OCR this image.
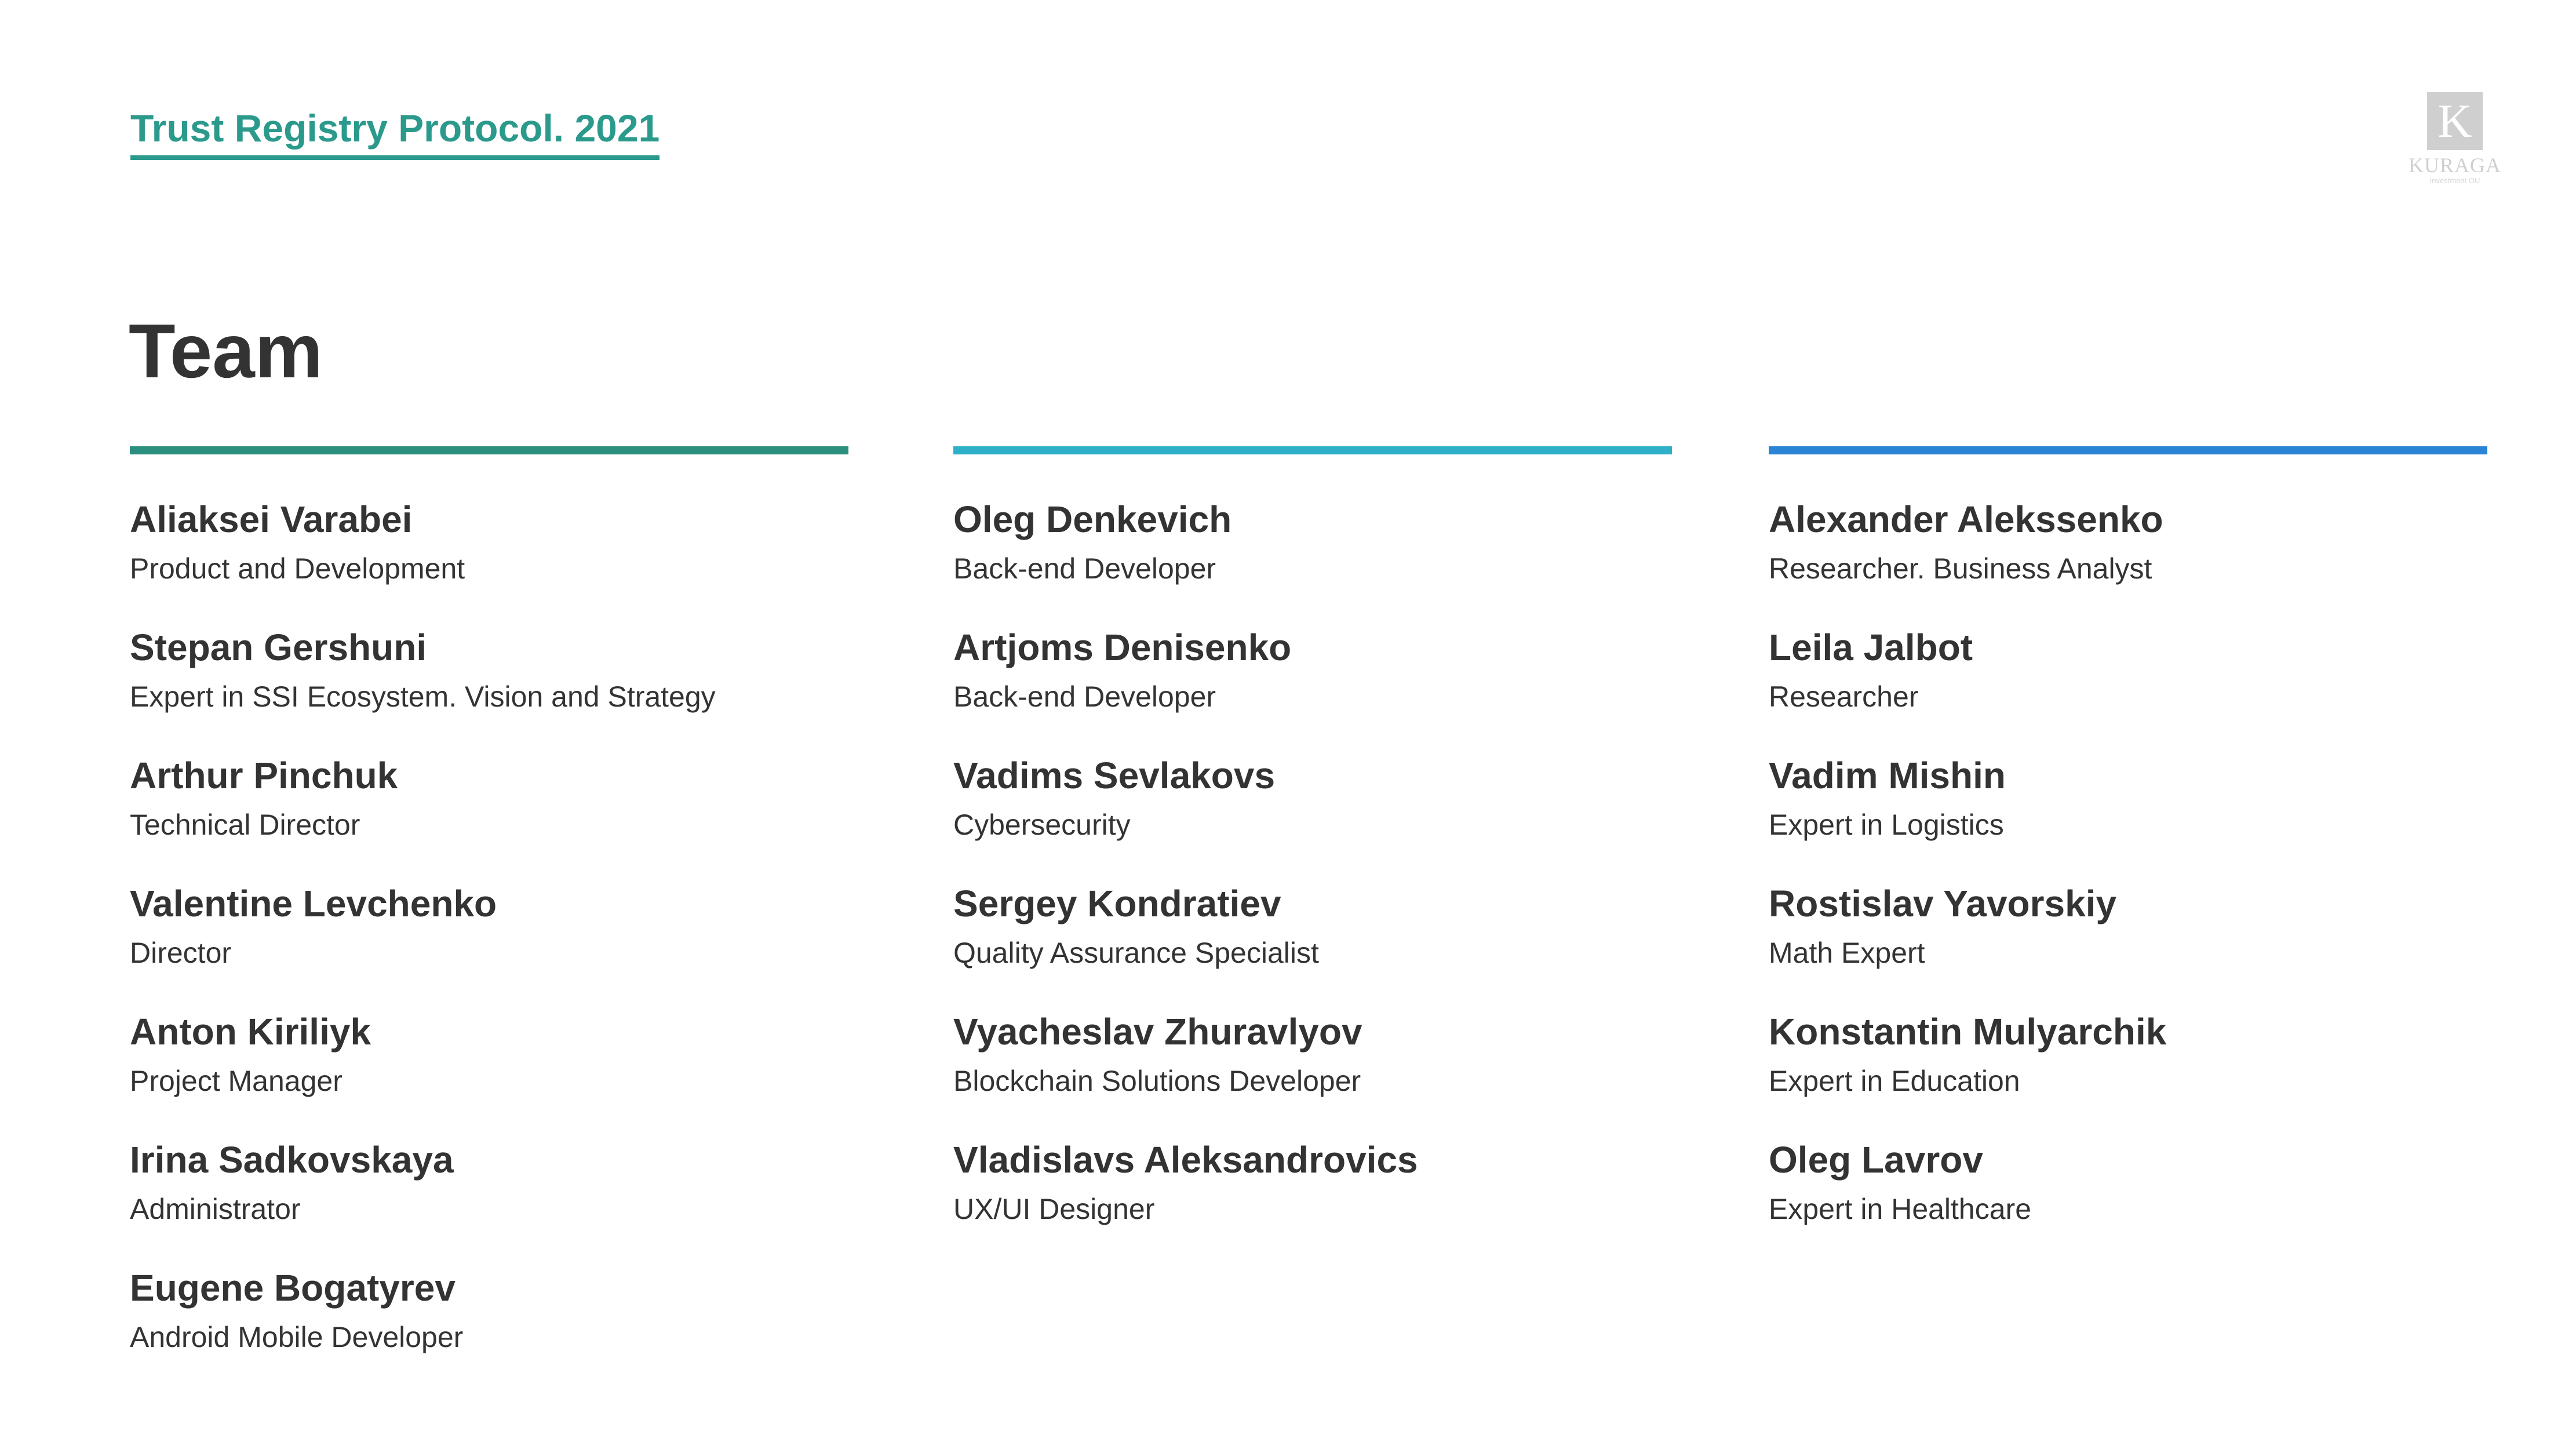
Trust Registry Protocol. 2021	K
KURAGA
Investment OU
Team
Aliaksei Varabei
Product and Development
Stepan Gershuni
Expert in SSI Ecosystem. Vision and Strategy
Arthur Pinchuk
Technical Director
Valentine Levchenko
Director
Anton Kiriliyk
Project Manager
Irina Sadkovskaya
Administrator
Eugene Bogatyrev
Android Mobile Developer
Oleg Denkevich
Back-end Developer
Artjoms Denisenko
Back-end Developer
Vadims Sevlakovs
Cybersecurity
Sergey Kondratiev
Quality Assurance Specialist
Vyacheslav Zhuravlyov
Blockchain Solutions Developer
Vladislavs Aleksandrovics
UX/UI Designer
Alexander Alekssenko
Researcher. Business Analyst
Leila Jalbot
Researcher
Vadim Mishin
Expert in Logistics
Rostislav Yavorskiy
Math Expert
Konstantin Mulyarchik
Expert in Education
Oleg Lavrov
Expert in Healthcare
